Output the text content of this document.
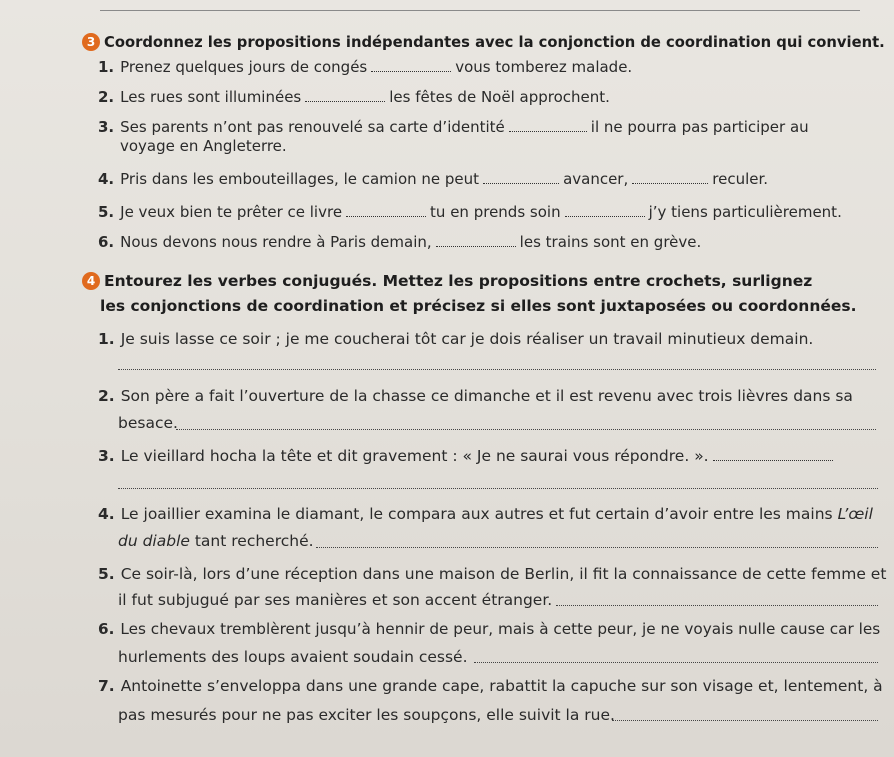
3 Coordonnez les propositions indépendantes avec la conjonction de coordination qui convient.
1. Prenez quelques jours de congés	vous tomberez malade.
2. Les rues sont illuminées	les fêtes de Noël approchent.
3. Ses parents n’ont pas renouvelé sa carte d’identité	il ne pourra pas participer au
voyage en Angleterre.
4. Pris dans les embouteillages, le camion ne peut	avancer,	reculer.
5. Je veux bien te prêter ce livre	tu en prends soin	j’y tiens particulièrement.
6. Nous devons nous rendre à Paris demain,	les trains sont en grève.
4 Entourez les verbes conjugués. Mettez les propositions entre crochets, surlignez
les conjonctions de coordination et précisez si elles sont juxtaposées ou coordonnées.
1. Je suis lasse ce soir ; je me coucherai tôt car je dois réaliser un travail minutieux demain.
2. Son père a fait l’ouverture de la chasse ce dimanche et il est revenu avec trois lièvres dans sa
besace.
3. Le vieillard hocha la tête et dit gravement : « Je ne saurai vous répondre. ».
4. Le joaillier examina le diamant, le compara aux autres et fut certain d’avoir entre les mains L’œil
du diable tant recherché.
5. Ce soir-là, lors d’une réception dans une maison de Berlin, il fit la connaissance de cette femme et
il fut subjugué par ses manières et son accent étranger.
6. Les chevaux tremblèrent jusqu’à hennir de peur, mais à cette peur, je ne voyais nulle cause car les
hurlements des loups avaient soudain cessé.
7. Antoinette s’enveloppa dans une grande cape, rabattit la capuche sur son visage et, lentement, à
pas mesurés pour ne pas exciter les soupçons, elle suivit la rue.
